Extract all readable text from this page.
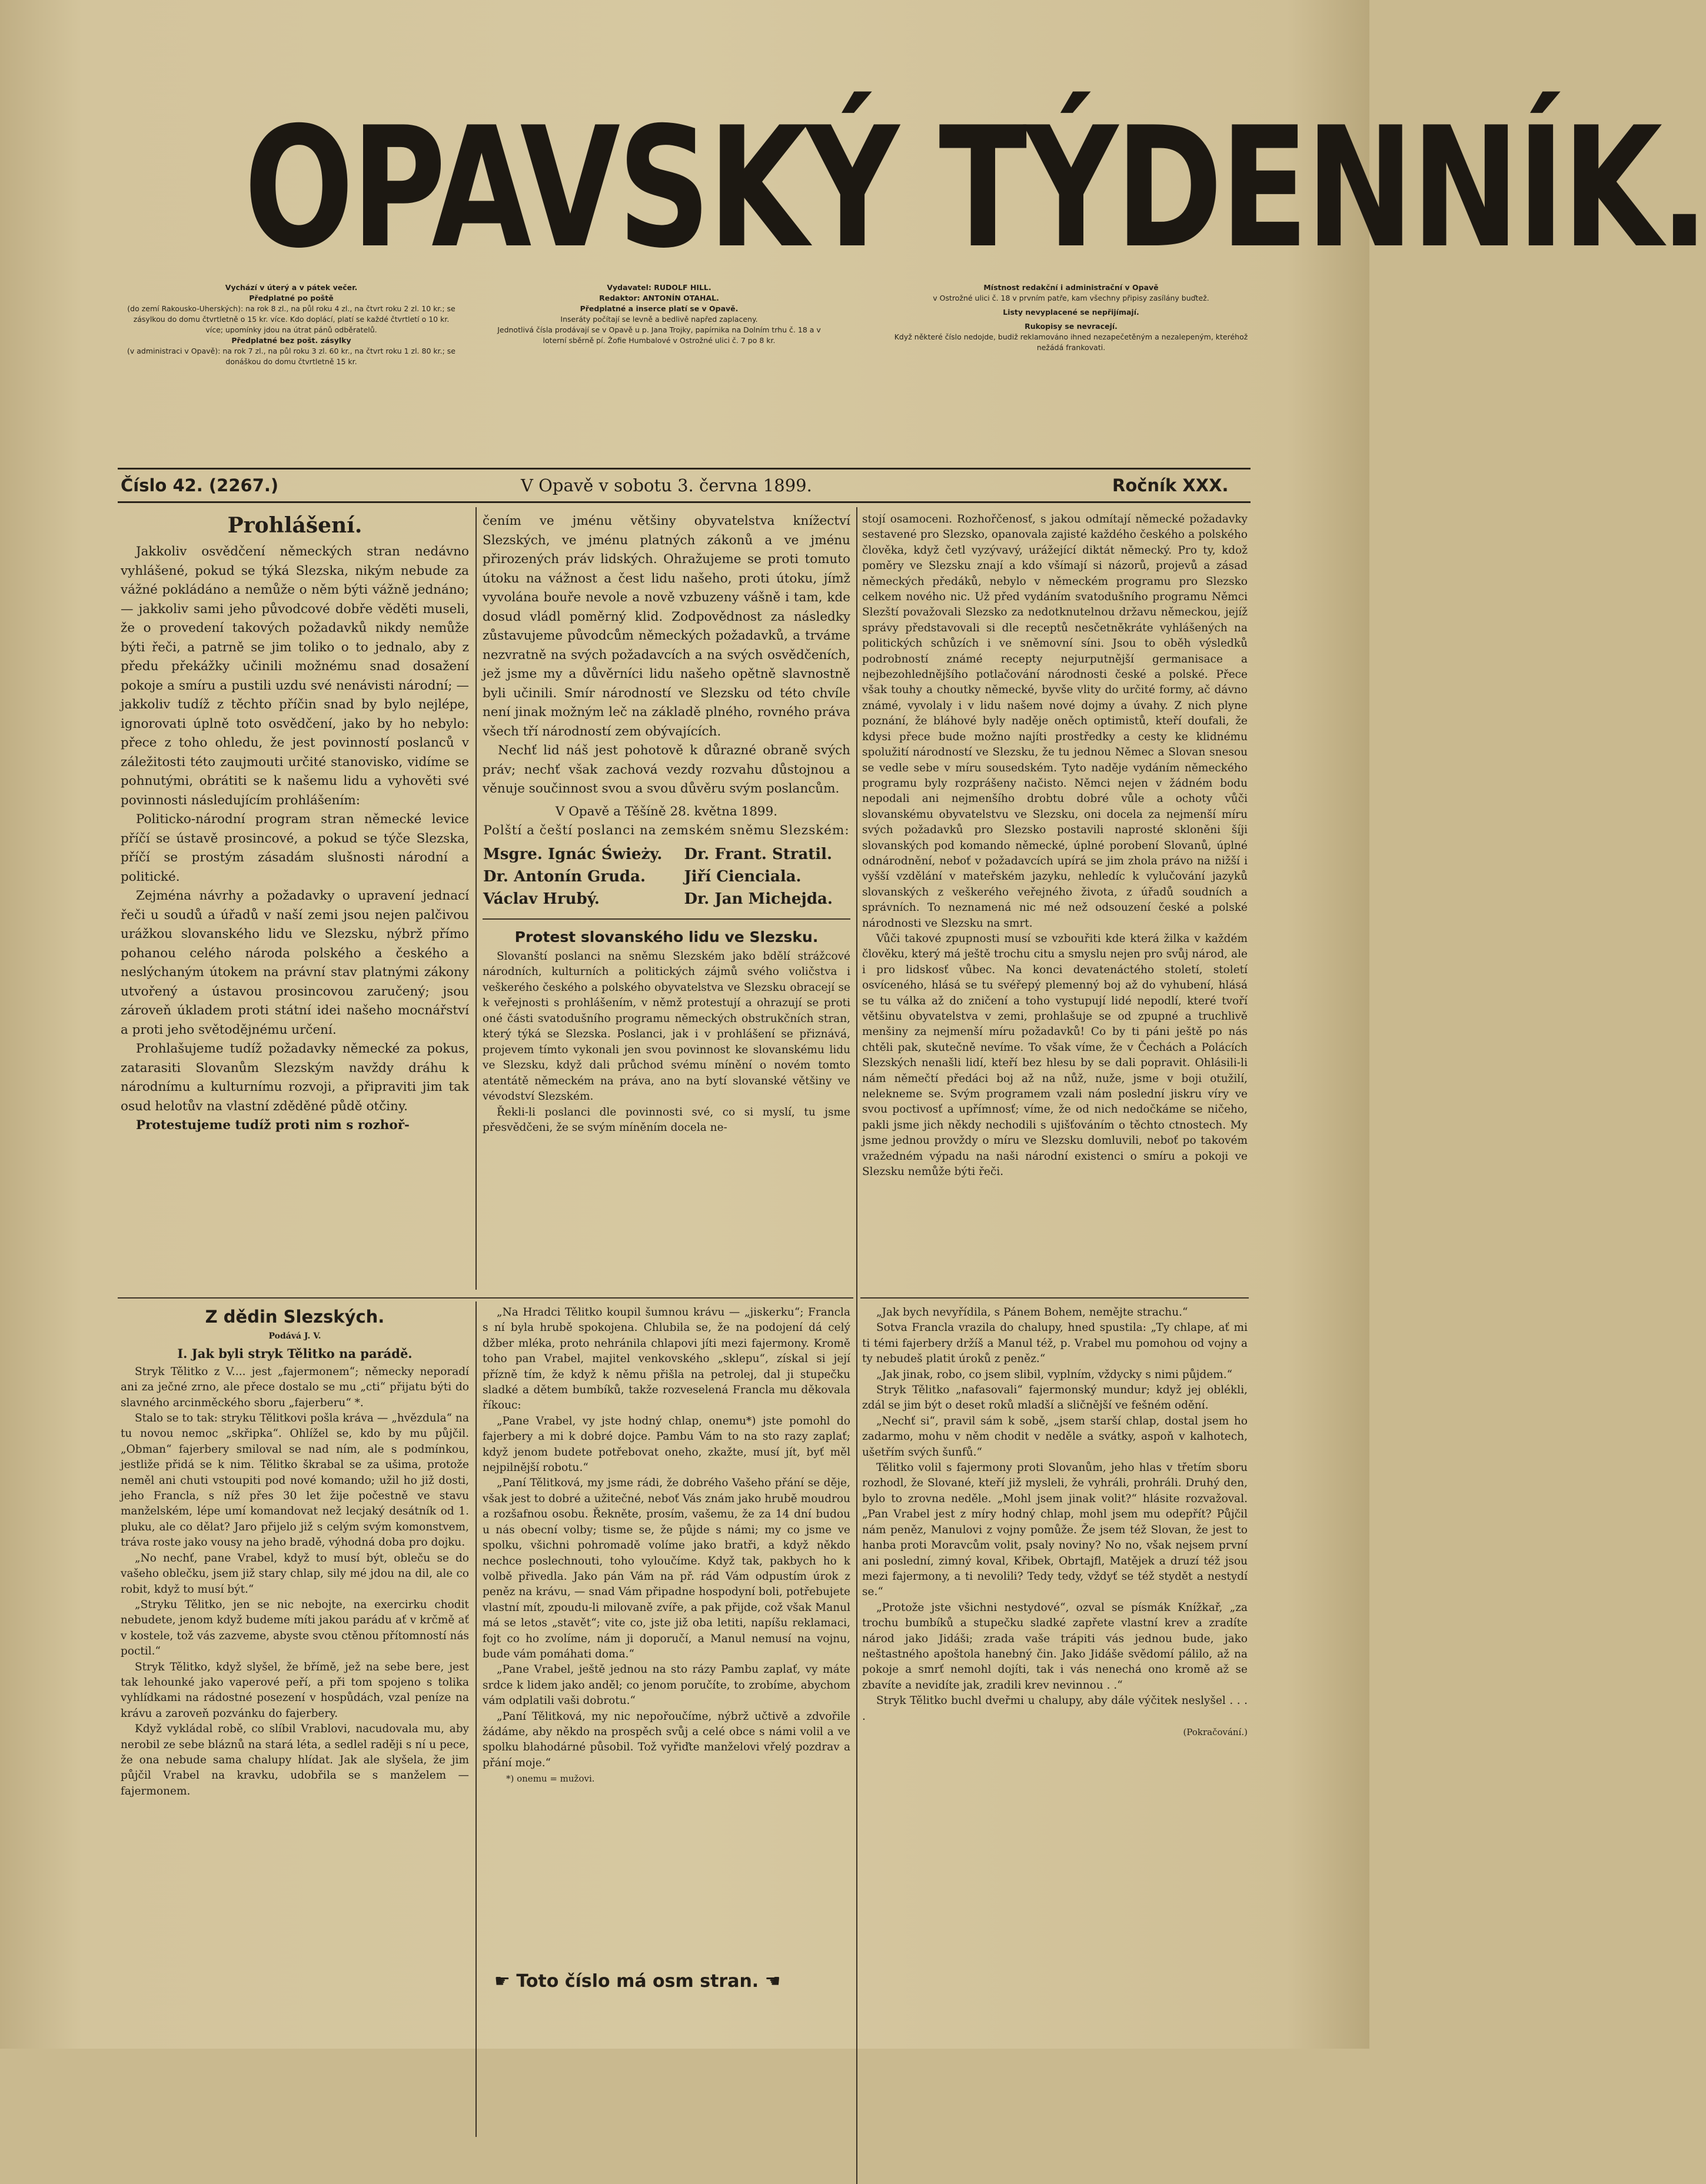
OPAVSKÝ TÝDENNÍK.
Vychází v úterý a v pátek večer.
Předplatné po poště
(do zemí Rakousko-Uherských): na rok 8 zl., na půl roku 4 zl., na čtvrt roku 2 zl. 10 kr.; se zásylkou do domu čtvrtletně o 15 kr. více. Kdo doplácí, platí se každé čtvrtletí o 10 kr. více; upomínky jdou na útrat pánů odběratelů.
Předplatné bez pošt. zásylky
(v administraci v Opavě): na rok 7 zl., na půl roku 3 zl. 60 kr., na čtvrt roku 1 zl. 80 kr.; se donáškou do domu čtvrtletně 15 kr.
Vydavatel: RUDOLF HILL.
Redaktor: ANTONÍN OTAHAL.
Předplatné a inserce platí se v Opavě.
Inseráty počítají se levně a bedlivě napřed zaplaceny.
Jednotlivá čísla prodávají se v Opavě u p. Jana Trojky, papírnika na Dolním trhu č. 18 a v loterní sběrně pí. Žofie Humbalové v Ostrožné ulici č. 7 po 8 kr.
Místnost redakční i administrační v Opavě
v Ostrožné ulici č. 18 v prvním patře, kam všechny připisy zasílány buďtež.
Listy nevyplacené se nepřijímají.
Rukopisy se nevracejí.
Když některé číslo nedojde, budiž reklamováno ihned nezapečetěným a nezalepeným, kteréhož nežádá frankovati.
Číslo 42. (2267.)	V Opavě v sobotu 3. června 1899.	Ročník XXX.
Prohlášení.

Jakkoliv osvědčení německých stran nedávno vyhlášené, pokud se týká Slezska, nikým nebude za vážné pokládáno a nemůže o něm býti vážně jednáno; — jakkoliv sami jeho původcové dobře věděti museli, že o provedení takových požadavků nikdy nemůže býti řeči, a patrně se jim toliko o to jednalo, aby z předu překážky učinili možnému snad dosažení pokoje a smíru a pustili uzdu své nenávisti národní; — jakkoliv tudíž z těchto příčin snad by bylo nejlépe, ignorovati úplně toto osvědčení, jako by ho nebylo: přece z toho ohledu, že jest povinností poslanců v záležitosti této zaujmouti určité stanovisko, vidíme se pohnutými, obrátiti se k našemu lidu a vyhověti své povinnosti následujícím prohlášením:

Politicko-národní program stran německé levice příčí se ústavě prosincové, a pokud se týče Slezska, příčí se prostým zásadám slušnosti národní a politické.

Zejména návrhy a požadavky o upravení jednací řeči u soudů a úřadů v naší zemi jsou nejen palčivou urážkou slovanského lidu ve Slezsku, nýbrž přímo pohanou celého národa polského a českého a neslýchaným útokem na právní stav platnými zákony utvořený a ústavou prosincovou zaručený; jsou zároveň úkladem proti státní idei našeho mocnářství a proti jeho světodějnému určení.

Prohlašujeme tudíž požadavky německé za pokus, zatarasiti Slovanům Slezským navždy dráhu k národnímu a kulturnímu rozvoji, a připraviti jim tak osud helotův na vlastní zděděné půdě otčiny.

Protestujeme tudíž proti nim s rozhoř-

čením ve jménu většiny obyvatelstva knížectví Slezských, ve jménu platných zákonů a ve jménu přirozených práv lidských. Ohražujeme se proti tomuto útoku na vážnost a čest lidu našeho, proti útoku, jímž vyvolána bouře nevole a nově vzbuzeny vášně i tam, kde dosud vládl poměrný klid. Zodpovědnost za následky zůstavujeme původcům německých požadavků, a trváme nezvratně na svých požadavcích a na svých osvědčeních, jež jsme my a důvěrníci lidu našeho opětně slavnostně byli učinili. Smír národností ve Slezsku od této chvíle není jinak možným leč na základě plného, rovného práva všech tří národností zem obývajících.

Nechť lid náš jest pohotově k důrazné obraně svých práv; nechť však zachová vezdy rozvahu důstojnou a věnuje součinnost svou a svou důvěru svým poslancům.

V Opavě a Těšíně 28. května 1899.

Polští a čeští poslanci na zemském sněmu Slezském:

Msgre. Ignác Świeży.	Dr. Frant. Stratil.
Dr. Antonín Gruda.	Jiří Cienciala.
Václav Hrubý.	Dr. Jan Michejda.
Protest slovanského lidu ve Slezsku.

Slovanští poslanci na sněmu Slezském jako bdělí strážcové národních, kulturních a politických zájmů svého voličstva i veškerého českého a polského obyvatelstva ve Slezsku obracejí se k veřejnosti s prohlášením, v němž protestují a ohrazují se proti oné části svatodušního programu německých obstrukčních stran, který týká se Slezska. Poslanci, jak i v prohlášení se přiznává, projevem tímto vykonali jen svou povinnost ke slovanskému lidu ve Slezsku, když dali průchod svému mínění o novém tomto atentátě německém na práva, ano na bytí slovanské většiny ve vévodství Slezském.

Řekli-li poslanci dle povinnosti své, co si myslí, tu jsme přesvědčeni, že se svým míněním docela ne-

stojí osamoceni. Rozhořčenosť, s jakou odmítají německé požadavky sestavené pro Slezsko, opanovala zajisté každého českého a polského člověka, když četl vyzývavý, urážející diktát německý. Pro ty, kdož poměry ve Slezsku znají a kdo všímají si názorů, projevů a zásad německých předáků, nebylo v německém programu pro Slezsko celkem nového nic. Už před vydáním svatodušního programu Němci Slezští považovali Slezsko za nedotknutelnou državu německou, jejíž správy představovali si dle receptů nesčetněkráte vyhlášených na politických schůzích i ve sněmovní síni. Jsou to oběh výsledků podrobností známé recepty nejurputnější germanisace a nejbezohlednějšího potlačování národnosti české a polské. Přece však touhy a choutky německé, byvše vlity do určité formy, ač dávno známé, vyvolaly i v lidu našem nové dojmy a úvahy. Z nich plyne poznání, že bláhové byly naděje oněch optimistů, kteří doufali, že kdysi přece bude možno najíti prostředky a cesty ke klidnému spolužití národností ve Slezsku, že tu jednou Němec a Slovan snesou se vedle sebe v míru sousedském. Tyto naděje vydáním německého programu byly rozprášeny načisto. Němci nejen v žádném bodu nepodali ani nejmenšího drobtu dobré vůle a ochoty vůči slovanskému obyvatelstvu ve Slezsku, oni docela za nejmenší míru svých požadavků pro Slezsko postavili naprosté skloněni šíji slovanských pod komando německé, úplné porobení Slovanů, úplné odnárodnění, neboť v požadavcích upírá se jim zhola právo na nižší i vyšší vzdělání v mateřském jazyku, nehledíc k vylučování jazyků slovanských z veškerého veřejného života, z úřadů soudních a správních. To neznamená nic mé než odsouzení české a polské národnosti ve Slezsku na smrt.

Vůči takové zpupnosti musí se vzbouřiti kde která žilka v každém člověku, který má ještě trochu citu a smyslu nejen pro svůj národ, ale i pro lidskosť vůbec. Na konci devatenáctého století, století osvíceného, hlásá se tu svéřepý plemenný boj až do vyhubení, hlásá se tu válka až do zničení a toho vystupují lidé nepodlí, které tvoří většinu obyvatelstva v zemi, prohlašuje se od zpupné a truchlivě menšiny za nejmenší míru požadavků! Co by ti páni ještě po nás chtěli pak, skutečně nevíme. To však víme, že v Čechách a Polácích Slezských nenašli lidí, kteří bez hlesu by se dali popravit. Ohlásili-li nám němečtí předáci boj až na nůž, nuže, jsme v boji otužilí, nelekneme se. Svým programem vzali nám poslední jiskru víry ve svou poctivosť a upřímnosť; víme, že od nich nedočkáme se ničeho, pakli jsme jich někdy nechodili s ujišťováním o těchto ctnostech. My jsme jednou provždy o míru ve Slezsku domluvili, neboť po takovém vražedném výpadu na naši národní existenci o smíru a pokoji ve Slezsku nemůže býti řeči.

Z dědin Slezských.
Podává J. V.
I. Jak byli stryk Tělitko na parádě.

Stryk Tělitko z V.... jest „fajermonem“; německy neporadí ani za ječné zrno, ale přece dostalo se mu „cti“ přijatu býti do slavného arcinměckého sboru „fajerberu“ *.

Stalo se to tak: stryku Tělitkovi pošla kráva — „hvězdula“ na tu novou nemoc „skřipka“. Ohlížel se, kdo by mu půjčil. „Obman“ fajerbery smiloval se nad ním, ale s podmínkou, jestliže přidá se k nim. Tělitko škrabal se za ušima, protože neměl ani chuti vstoupiti pod nové komando; užil ho již dosti, jeho Francla, s níž přes 30 let žije počestně ve stavu manželském, lépe umí komandovat než lecjaký desátník od 1. pluku, ale co dělat? Jaro přijelo již s celým svým komonstvem, tráva roste jako vousy na jeho bradě, výhodná doba pro dojku.

„No nechť, pane Vrabel, když to musí být, obleču se do vašeho oblečku, jsem již stary chlap, sily mé jdou na dil, ale co robit, když to musí být.“

„Stryku Tělitko, jen se nic nebojte, na exercirku chodit nebudete, jenom když budeme míti jakou parádu ať v krčmě ať v kostele, tož vás zazveme, abyste svou ctěnou přítomností nás poctil.“

Stryk Tělitko, když slyšel, že břímě, jež na sebe bere, jest tak lehounké jako vaperové peří, a při tom spojeno s tolika vyhlídkami na rádostné posezení v hospůdách, vzal peníze na krávu a zaroveň pozvánku do fajerbery.

Když vykládal robě, co slíbil Vrablovi, nacudovala mu, aby nerobil ze sebe bláznů na stará léta, a sedlel raději s ní u pece, že ona nebude sama chalupy hlídat. Jak ale slyšela, že jim půjčil Vrabel na kravku, udobřila se s manželem — fajermonem.

„Na Hradci Tělitko koupil šumnou krávu — „jiskerku“; Francla s ní byla hrubě spokojena. Chlubila se, že na podojení dá celý džber mléka, proto nehránila chlapovi jíti mezi fajermony. Kromě toho pan Vrabel, majitel venkovského „sklepu“, získal si její přízně tím, že když k němu přišla na petrolej, dal ji stupečku sladké a dětem bumbíků, takže rozveselená Francla mu děkovala říkouc:

„Pane Vrabel, vy jste hodný chlap, onemu*) jste pomohl do fajerbery a mi k dobré dojce. Pambu Vám to na sto razy zaplať; když jenom budete potřebovat oneho, zkažte, musí jít, byť měl nejpilnější robotu.“

„Paní Tělitková, my jsme rádi, že dobrého Vašeho přání se děje, však jest to dobré a užitečné, neboť Vás znám jako hrubě moudrou a rozšafnou osobu. Řekněte, prosím, vašemu, že za 14 dní budou u nás obecní volby; tisme se, že půjde s námi; my co jsme ve spolku, všichni pohromadě volíme jako bratři, a když někdo nechce poslechnouti, toho vyloučíme. Když tak, pakbych ho k volbě přivedla. Jako pán Vám na př. rád Vám odpustím úrok z peněz na krávu, — snad Vám připadne hospodyní boli, potřebujete vlastní mít, zpoudu-li milovaně zvíře, a pak přijde, což však Manul má se letos „stavět“; vite co, jste již oba letiti, napíšu reklamaci, fojt co ho zvolíme, nám ji doporučí, a Manul nemusí na vojnu, bude vám pomáhati doma.“

„Pane Vrabel, ještě jednou na sto rázy Pambu zaplať, vy máte srdce k lidem jako anděl; co jenom poručíte, to zrobíme, abychom vám odplatili vaši dobrotu.“

„Paní Tělitková, my nic nepořoučíme, nýbrž učtivě a zdvořile žádáme, aby někdo na prospěch svůj a celé obce s námi volil a ve spolku blahodárné působil. Tož vyřiďte manželovi vřelý pozdrav a přání moje.“

*) onemu = mužovi.

„Jak bych nevyřídila, s Pánem Bohem, nemějte strachu.“

Sotva Francla vrazila do chalupy, hned spustila: „Ty chlape, ať mi ti témi fajerbery držíš a Manul též, p. Vrabel mu pomohou od vojny a ty nebudeš platit úroků z peněz.“

„Jak jinak, robo, co jsem slibil, vyplním, vždycky s nimi půjdem.“

Stryk Tělitko „nafasovali“ fajermonský mundur; když jej oblékli, zdál se jim být o deset roků mladší a sličnější ve fešném odění.

„Nechť si“, pravil sám k sobě, „jsem starší chlap, dostal jsem ho zadarmo, mohu v něm chodit v neděle a svátky, aspoň v kalhotech, ušetřím svých šunfů.“

Tělitko volil s fajermony proti Slovanům, jeho hlas v třetím sboru rozhodl, že Slované, kteří již mysleli, že vyhráli, prohráli. Druhý den, bylo to zrovna neděle. „Mohl jsem jinak volit?“ hlásite rozvažoval. „Pan Vrabel jest z míry hodný chlap, mohl jsem mu odepřít? Půjčil nám peněz, Manulovi z vojny pomůže. Že jsem též Slovan, že jest to hanba proti Moravcům volit, psaly noviny? No no, však nejsem první ani poslední, zimný koval, Křibek, Obrtajfl, Matějek a druzí též jsou mezi fajermony, a ti nevolili? Tedy tedy, vždyť se též stydět a nestydí se.“

„Protože jste všichni nestydové“, ozval se písmák Knížkař, „za trochu bumbíků a stupečku sladké zapřete vlastní krev a zradíte národ jako Jidáši; zrada vaše trápiti vás jednou bude, jako neštastného apoštola hanebný čin. Jako Jidáše svědomí pálilo, až na pokoje a smrť nemohl dojíti, tak i vás nenechá ono kromě až se zbavíte a nevidíte jak, zradili krev nevinnou . .“

Stryk Tělitko buchl dveřmi u chalupy, aby dále výčitek neslyšel . . . .

(Pokračování.)

☛ Toto číslo má osm stran. ☚
